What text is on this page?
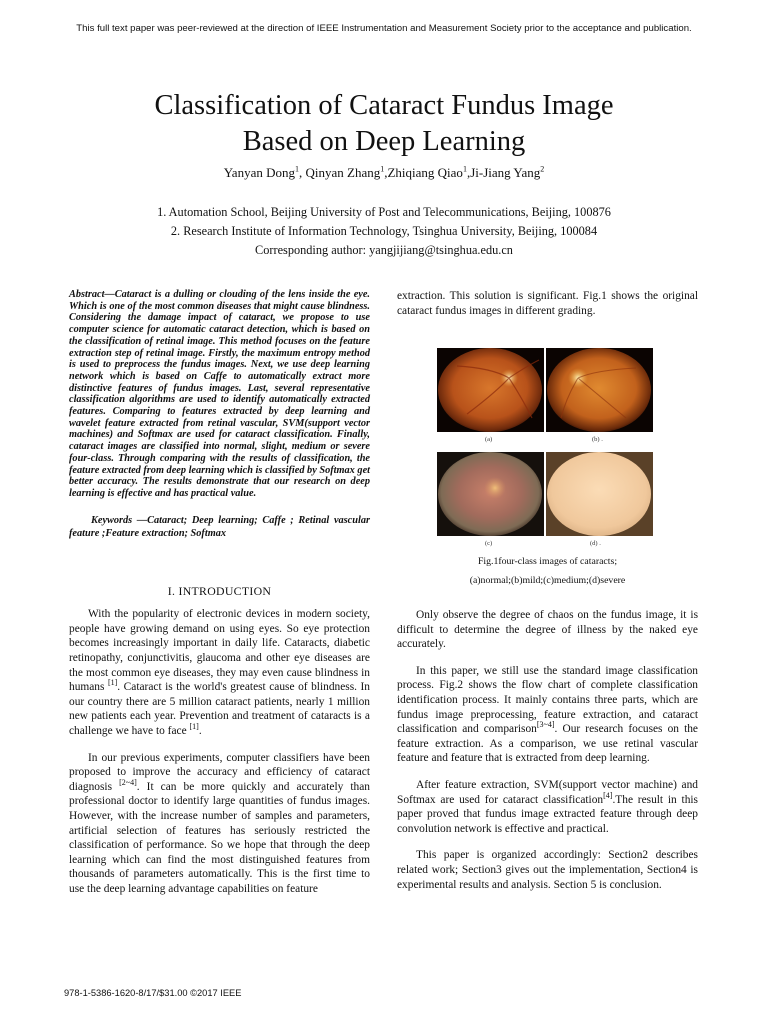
This full text paper was peer-reviewed at the direction of IEEE Instrumentation and Measurement Society prior to the acceptance and publication.
Classification of Cataract Fundus Image
Based on Deep Learning
Yanyan Dong$^1$, Qinyan Zhang$^1$,Zhiqiang Qiao$^1$,Ji-Jiang Yang$^2$
1. Automation School, Beijing University of Post and Telecommunications, Beijing, 100876
2. Research Institute of Information Technology, Tsinghua University, Beijing, 100084
Corresponding author: yangjijiang@tsinghua.edu.cn

Abstract—Cataract is a dulling or clouding of the lens inside the eye. Which is one of the most common diseases that might cause blindness. Considering the damage impact of cataract, we propose to use computer science for automatic cataract detection, which is based on the classification of retinal image. This method focuses on the feature extraction step of retinal image. Firstly, the maximum entropy method is used to preprocess the fundus images. Next, we use deep learning network which is based on Caffe to automatically extract more distinctive features of fundus images. Last, several representative classification algorithms are used to identify automatically extracted features. Comparing to features extracted by deep learning and wavelet feature extracted from retinal vascular, SVM(support vector machines) and Softmax are used for cataract classification. Finally, cataract images are classified into normal, slight, medium or severe four-class. Through comparing with the results of classification, the feature extracted from deep learning which is classified by Softmax get better accuracy. The results demonstrate that our research on deep learning is effective and has practical value.

Keywords —Cataract; Deep learning; Caffe ; Retinal vascular feature ;Feature extraction; Softmax

I. INTRODUCTION

With the popularity of electronic devices in modern society, people have growing demand on using eyes. So eye protection becomes increasingly important in daily life. Cataracts, diabetic retinopathy, conjunctivitis, glaucoma and other eye diseases are the most common eye diseases, they may even cause blindness in humans [1]. Cataract is the world's greatest cause of blindness. In our country there are 5 million cataract patients, nearly 1 million new patients each year. Prevention and treatment of cataracts is a challenge we have to face [1].

In our previous experiments, computer classifiers have been proposed to improve the accuracy and efficiency of cataract diagnosis [2~4]. It can be more quickly and accurately than professional doctor to identify large quantities of fundus images. However, with the increase number of samples and parameters, artificial selection of features has seriously restricted the classification of performance. So we hope that through the deep learning which can find the most distinguished features from thousands of parameters automatically. This is the first time to use the deep learning advantage capabilities on feature

extraction. This solution is significant. Fig.1 shows the original cataract fundus images in different grading.

(a)	(b) .
(c)	(d) .
Fig.1four-class images of cataracts;
(a)normal;(b)mild;(c)medium;(d)severe

Only observe the degree of chaos on the fundus image, it is difficult to determine the degree of illness by the naked eye accurately.

In this paper, we still use the standard image classification process. Fig.2 shows the flow chart of complete classification identification process. It mainly contains three parts, which are fundus image preprocessing, feature extraction, and cataract classification and comparison[3~4]. Our research focuses on the feature extraction. As a comparison, we use retinal vascular feature and feature that is extracted from deep learning.

After feature extraction, SVM(support vector machine) and Softmax are used for cataract classification[4].The result in this paper proved that fundus image extracted feature through deep convolution network is effective and practical.

This paper is organized accordingly: Section2 describes related work; Section3 gives out the implementation, Section4 is experimental results and analysis. Section 5 is conclusion.

978-1-5386-1620-8/17/$31.00 ©2017 IEEE
